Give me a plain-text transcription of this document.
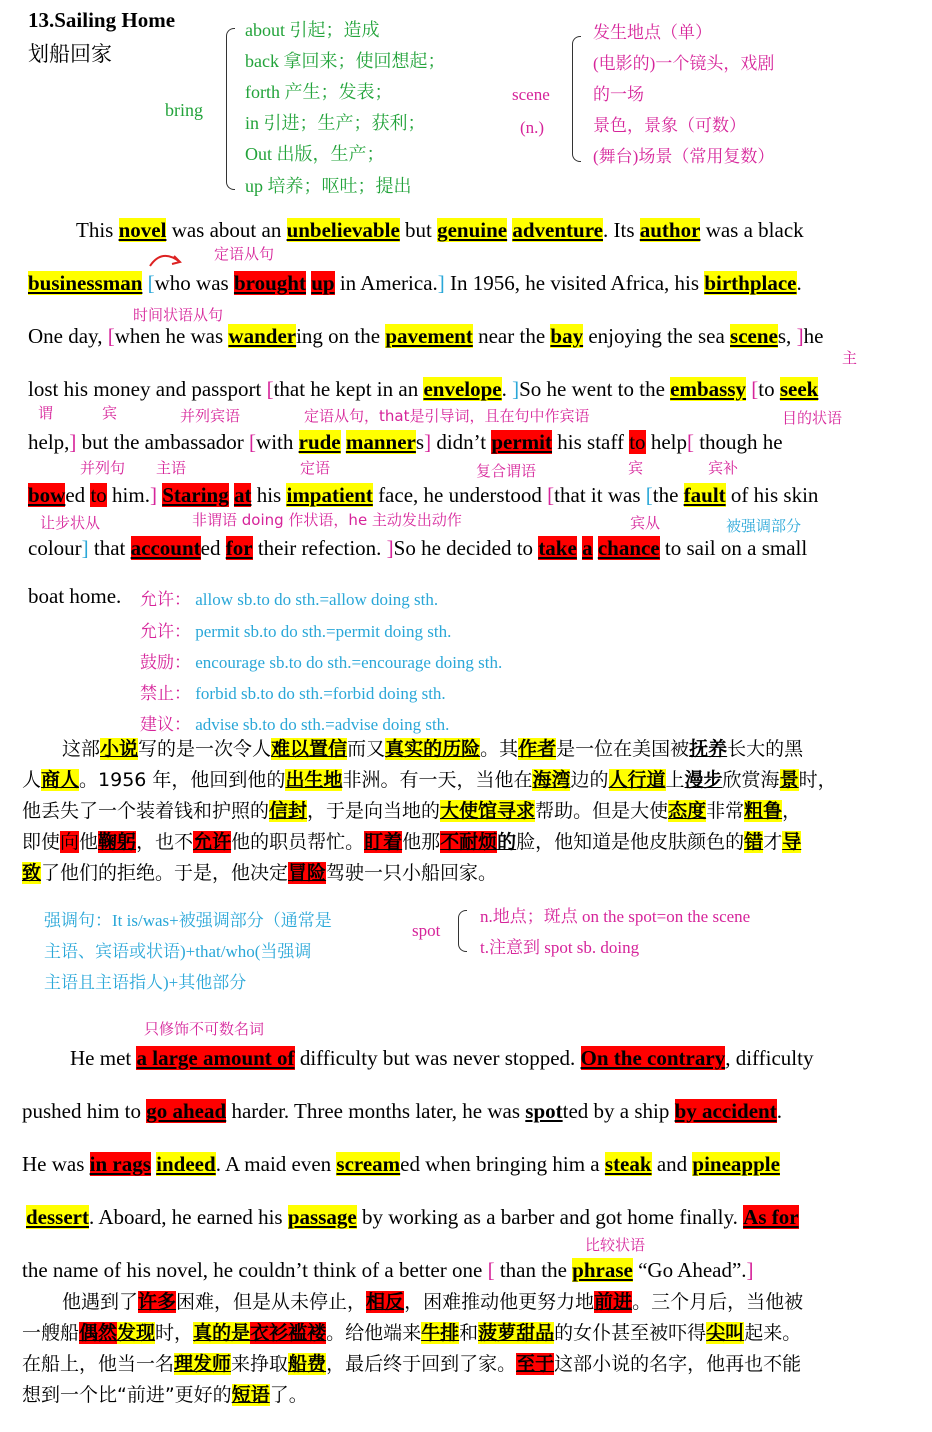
13.Sailing Home
划船回家
bring
about 引起；造成
back 拿回来；使回想起；
forth 产生；发表；
in 引进；生产；获利；
Out 出版，生产；
up 培养；呕吐；提出
scene
(n.)
发生地点（单）
(电影的)一个镜头，戏剧
的一场
景色，景象（可数）
(舞台)场景（常用复数）
This novel was about an unbelievable but genuine adventure. Its author was a black
定语从句
businessman [who was brought up in America.] In 1956, he visited Africa, his birthplace.
时间状语从句
One day, [when he was wandering on the pavement near the bay enjoying the sea scenes, ]he
主
lost his money and passport [that he kept in an envelope. ]So he went to the embassy [to seek
谓	宾	并列宾语	定语从句，that是引导词，且在句中作宾语	目的状语
help,] but the ambassador [with rude manners] didn’t permit his staff to help[ though he
并列句 主语	定语	复合谓语	宾	宾补
bowed to him.] Staring at his impatient face, he understood [that it was [the fault of his skin
让步状从	非谓语 doing 作状语，he 主动发出动作	宾从	被强调部分
colour] that accounted for their refection. ]So he decided to take a chance to sail on a small
boat home. 允许： allow sb.to do sth.=allow doing sth.
允许： permit sb.to do sth.=permit doing sth.
鼓励： encourage sb.to do sth.=encourage doing sth.
禁止： forbid sb.to do sth.=forbid doing sth.
建议： advise sb.to do sth.=advise doing sth.
这部小说写的是一次令人难以置信而又真实的历险。其作者是一位在美国被抚养长大的黑
人商人。1956 年，他回到他的出生地非洲。有一天，当他在海湾边的人行道上漫步欣赏海景时，
他丢失了一个装着钱和护照的信封，于是向当地的大使馆寻求帮助。但是大使态度非常粗鲁，
即使向他鞠躬，也不允许他的职员帮忙。盯着他那不耐烦的脸，他知道是他皮肤颜色的错才导
致了他们的拒绝。于是，他决定冒险驾驶一只小船回家。
强调句：It is/was+被强调部分（通常是
主语、宾语或状语)+that/who(当强调
主语且主语指人)+其他部分
spot
n.地点；斑点 on the spot=on the scene
t.注意到 spot sb. doing
只修饰不可数名词
He met a large amount of difficulty but was never stopped. On the contrary, difficulty
pushed him to go ahead harder. Three months later, he was spotted by a ship by accident.
He was in rags indeed. A maid even screamed when bringing him a steak and pineapple
dessert. Aboard, he earned his passage by working as a barber and got home finally. As for
比较状语
the name of his novel, he couldn’t think of a better one [ than the phrase “Go Ahead”.]
他遇到了许多困难，但是从未停止，相反，困难推动他更努力地前进。三个月后，当他被
一艘船偶然发现时，真的是衣衫褴褛。给他端来牛排和菠萝甜品的女仆甚至被吓得尖叫起来。
在船上，他当一名理发师来挣取船费，最后终于回到了家。至于这部小说的名字，他再也不能
想到一个比“前进”更好的短语了。
